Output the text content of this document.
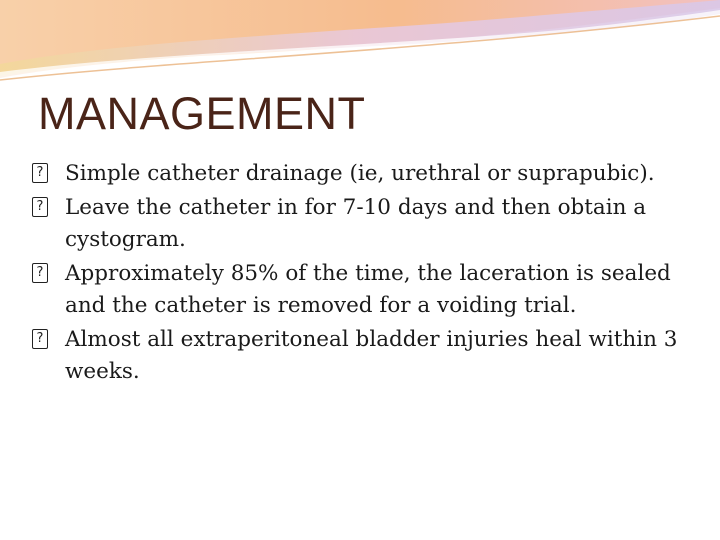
MANAGEMENT
? Simple catheter drainage (ie, urethral or suprapubic).
? Leave the catheter in for 7-10 days and then obtain a cystogram.
? Approximately 85% of the time, the laceration is sealed and the catheter is removed for a voiding trial.
? Almost all extraperitoneal bladder injuries heal within 3 weeks.
